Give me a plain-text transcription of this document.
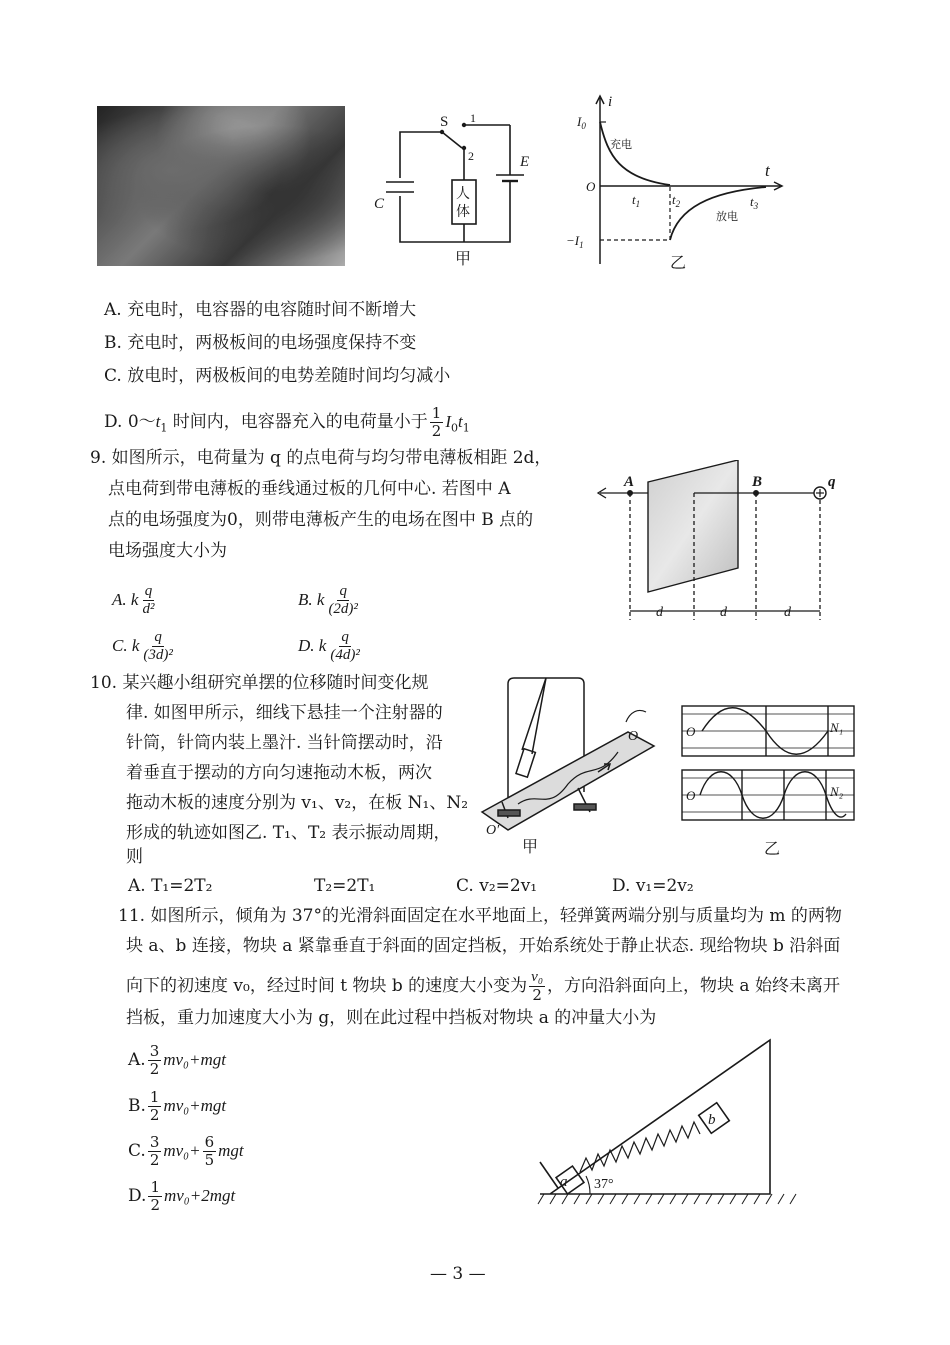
S 1
2
C
E
人
体
甲
i
t
$I_0$
O
充电
放电
$t_1$ $t_2$	$t_3$
$-I_1$
乙
A. 充电时，电容器的电容随时间不断增大
B. 充电时，两极板间的电场强度保持不变
C. 放电时，两极板间的电势差随时间均匀减小
D. $0\sim t_1$ 时间内，电容器充入的电荷量小于 $\frac{1}{2} I_0t_1$
9. 如图所示，电荷量为 q 的点电荷与均匀带电薄板相距 2d，
点电荷到带电薄板的垂线通过板的几何中心. 若图中 A
点的电场强度为0，则带电薄板产生的电场在图中 B 点的
电场强度大小为
A. k $\frac{q}{\text{d²}}$	B. k $\frac{q}{\text{(2d)²}}$
C. k $\frac{q}{\text{(3d)²}}$	D. k $\frac{q}{\text{(4d)²}}$
A	B	q
d	d	d
10. 某兴趣小组研究单摆的位移随时间变化规
律. 如图甲所示，细线下悬挂一个注射器的
针筒，针筒内装上墨汁. 当针筒摆动时，沿
着垂直于摆动的方向匀速拖动木板，两次
拖动木板的速度分别为 v₁、v₂，在板 N₁、N₂
形成的轨迹如图乙. T₁、T₂ 表示振动周期，
则
A. T₁=2T₂	T₂=2T₁	C. v₂=2v₁	D. v₁=2v₂
O
O′
甲
O
O
N₁
N₂
乙
11. 如图所示，倾角为 37°的光滑斜面固定在水平地面上，轻弹簧两端分别与质量均为 m 的两物
块 a、b 连接，物块 a 紧靠垂直于斜面的固定挡板，开始系统处于静止状态. 现给物块 b 沿斜面
向下的初速度 v₀，经过时间 t 物块 b 的速度大小变为 $\frac{\text{v₀}}{2}$ ，方向沿斜面向上，物块 a 始终未离开
挡板，重力加速度大小为 g，则在此过程中挡板对物块 a 的冲量大小为
A. $\frac{3}{2} mv_0+mgt$
B. $\frac{1}{2} mv_0+mgt$
C. $\frac{3}{2} mv_0+ \frac{6}{5}$ mgt
D. $\frac{1}{2} mv_0+2mgt$
a
b
37°
— 3 —
